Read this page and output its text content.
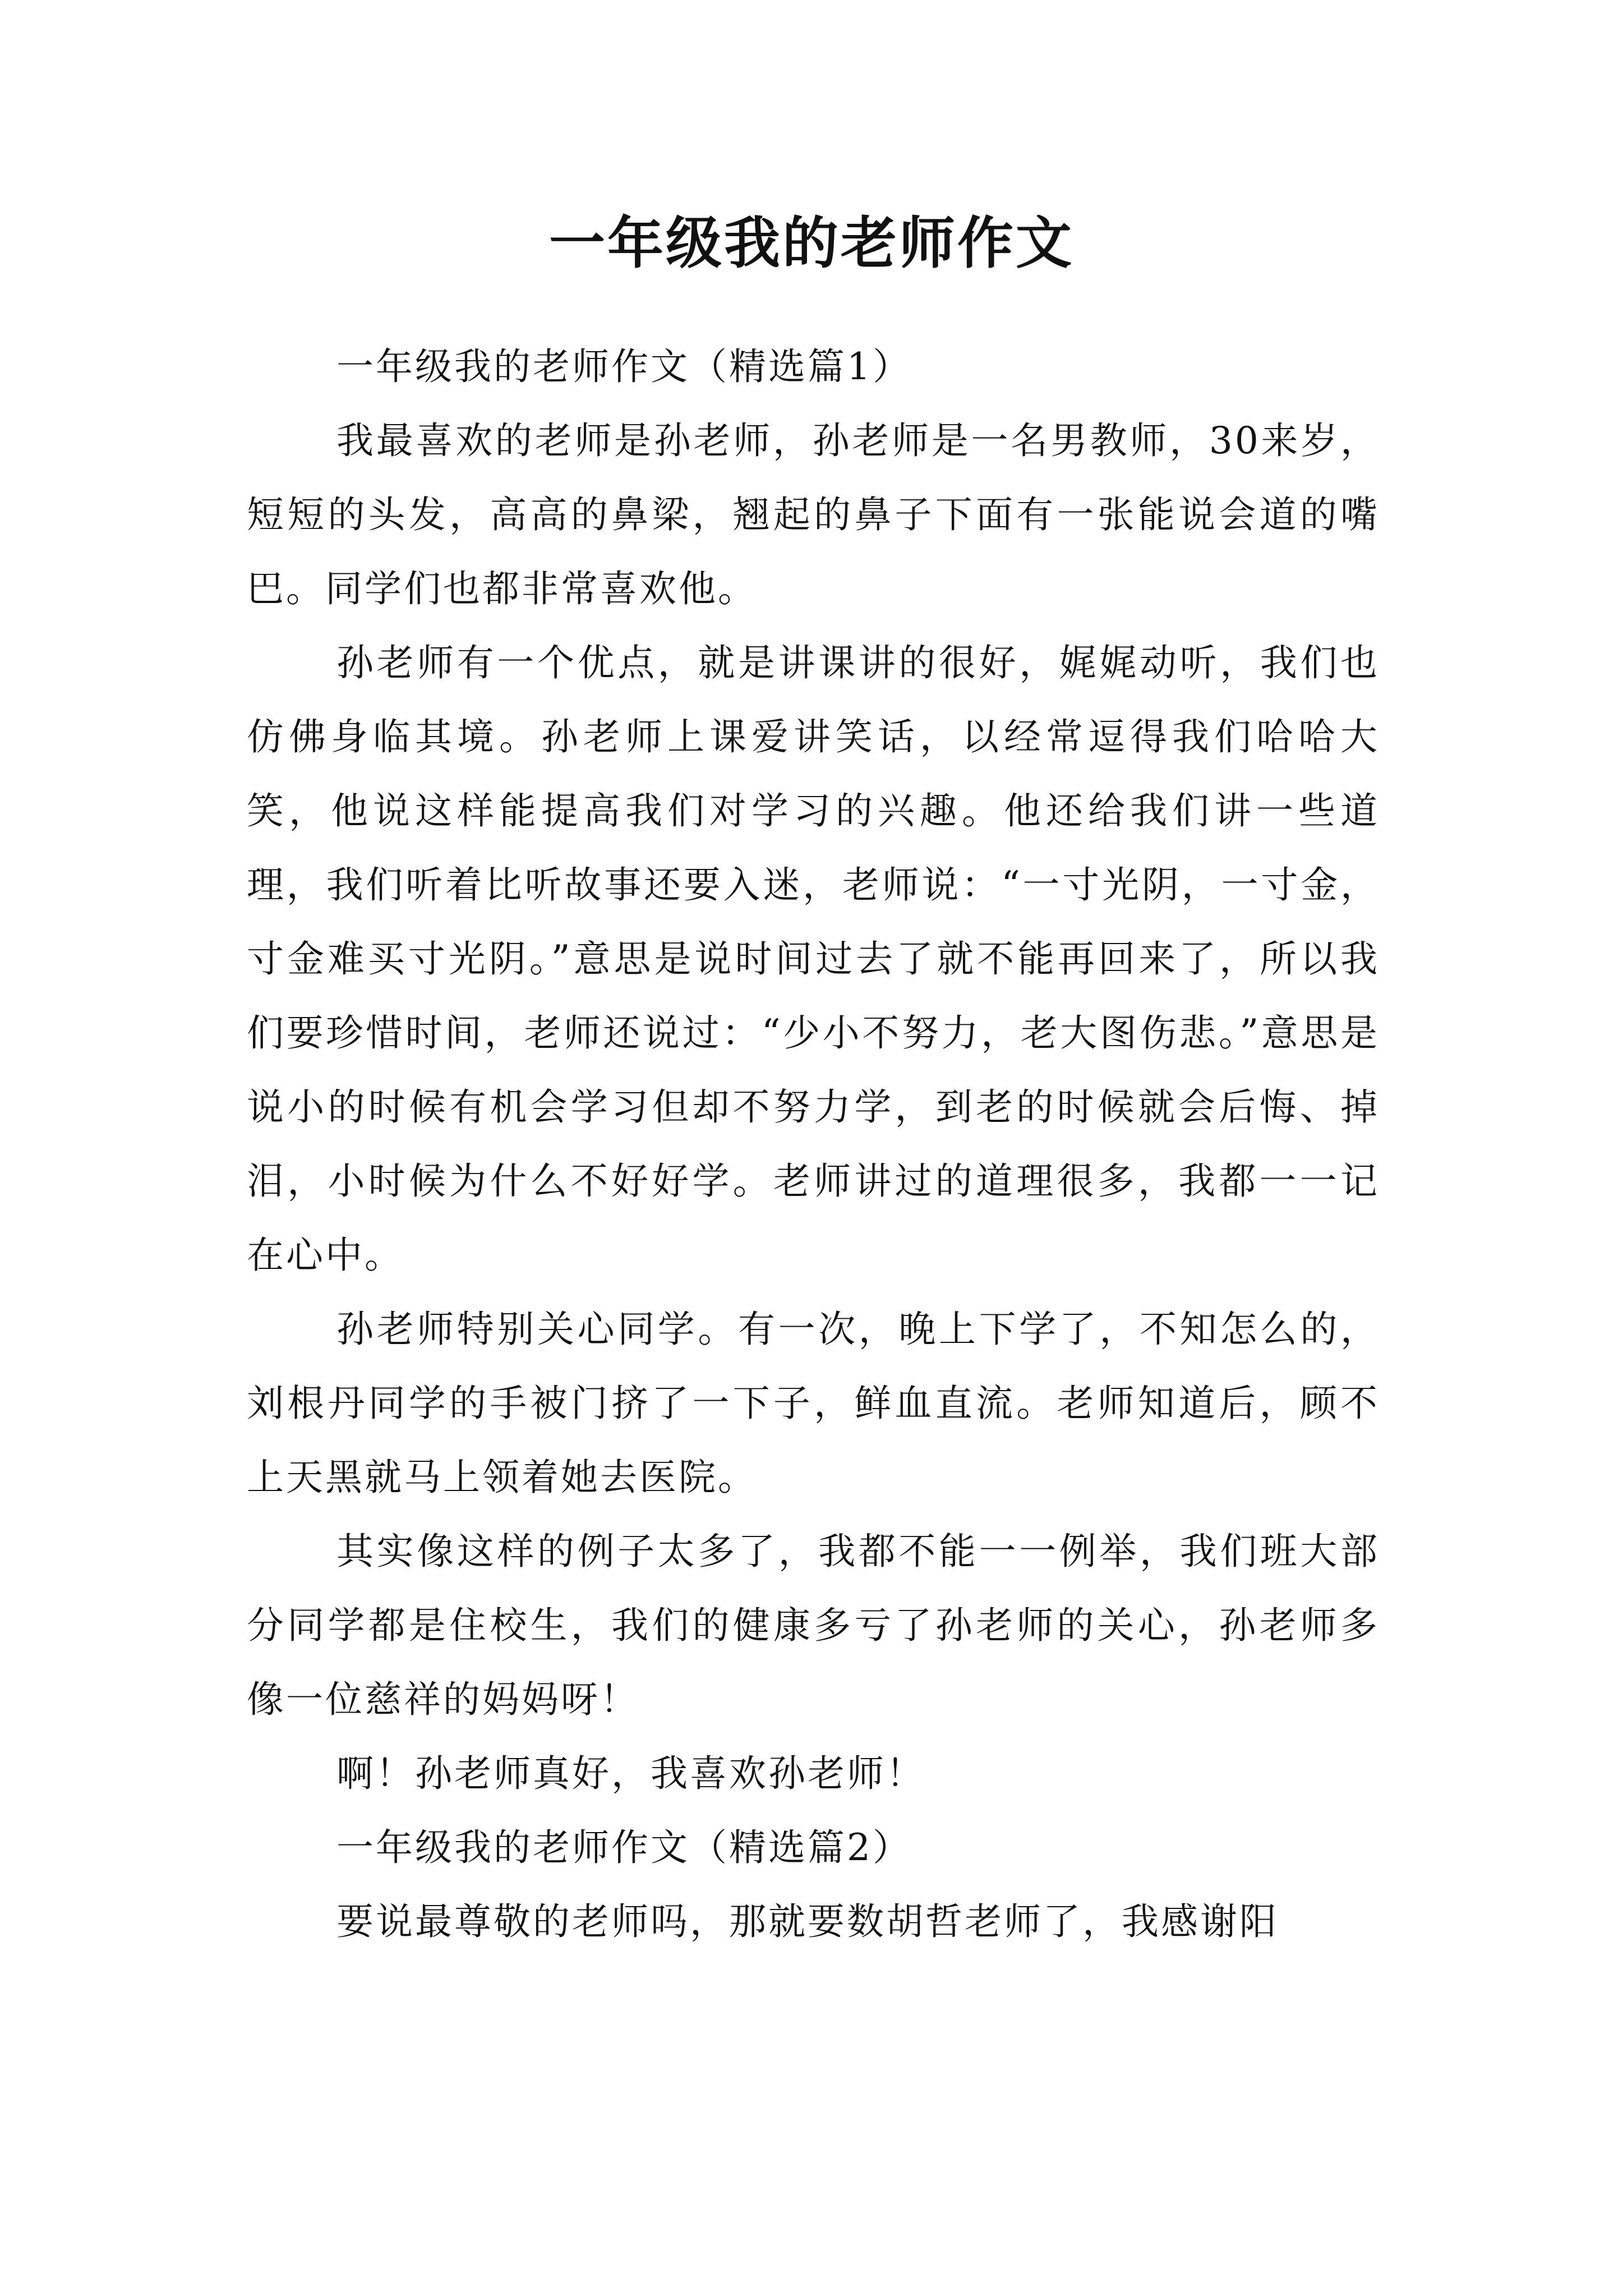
一年级我的老师作文

一年级我的老师作文（精选篇1）

我最喜欢的老师是孙老师，孙老师是一名男教师，30来岁，短短的头发，高高的鼻梁，翘起的鼻子下面有一张能说会道的嘴巴。同学们也都非常喜欢他。

孙老师有一个优点，就是讲课讲的很好，娓娓动听，我们也仿佛身临其境。孙老师上课爱讲笑话，以经常逗得我们哈哈大笑，他说这样能提高我们对学习的兴趣。他还给我们讲一些道理，我们听着比听故事还要入迷，老师说：“一寸光阴，一寸金，寸金难买寸光阴。”意思是说时间过去了就不能再回来了，所以我们要珍惜时间，老师还说过：“少小不努力，老大图伤悲。”意思是说小的时候有机会学习但却不努力学，到老的时候就会后悔、掉泪，小时候为什么不好好学。老师讲过的道理很多，我都一一记在心中。

孙老师特别关心同学。有一次，晚上下学了，不知怎么的，刘根丹同学的手被门挤了一下子，鲜血直流。老师知道后，顾不上天黑就马上领着她去医院。

其实像这样的例子太多了，我都不能一一例举，我们班大部分同学都是住校生，我们的健康多亏了孙老师的关心，孙老师多像一位慈祥的妈妈呀！

啊！孙老师真好，我喜欢孙老师！

一年级我的老师作文（精选篇2）

要说最尊敬的老师吗，那就要数胡哲老师了，我感谢阳
